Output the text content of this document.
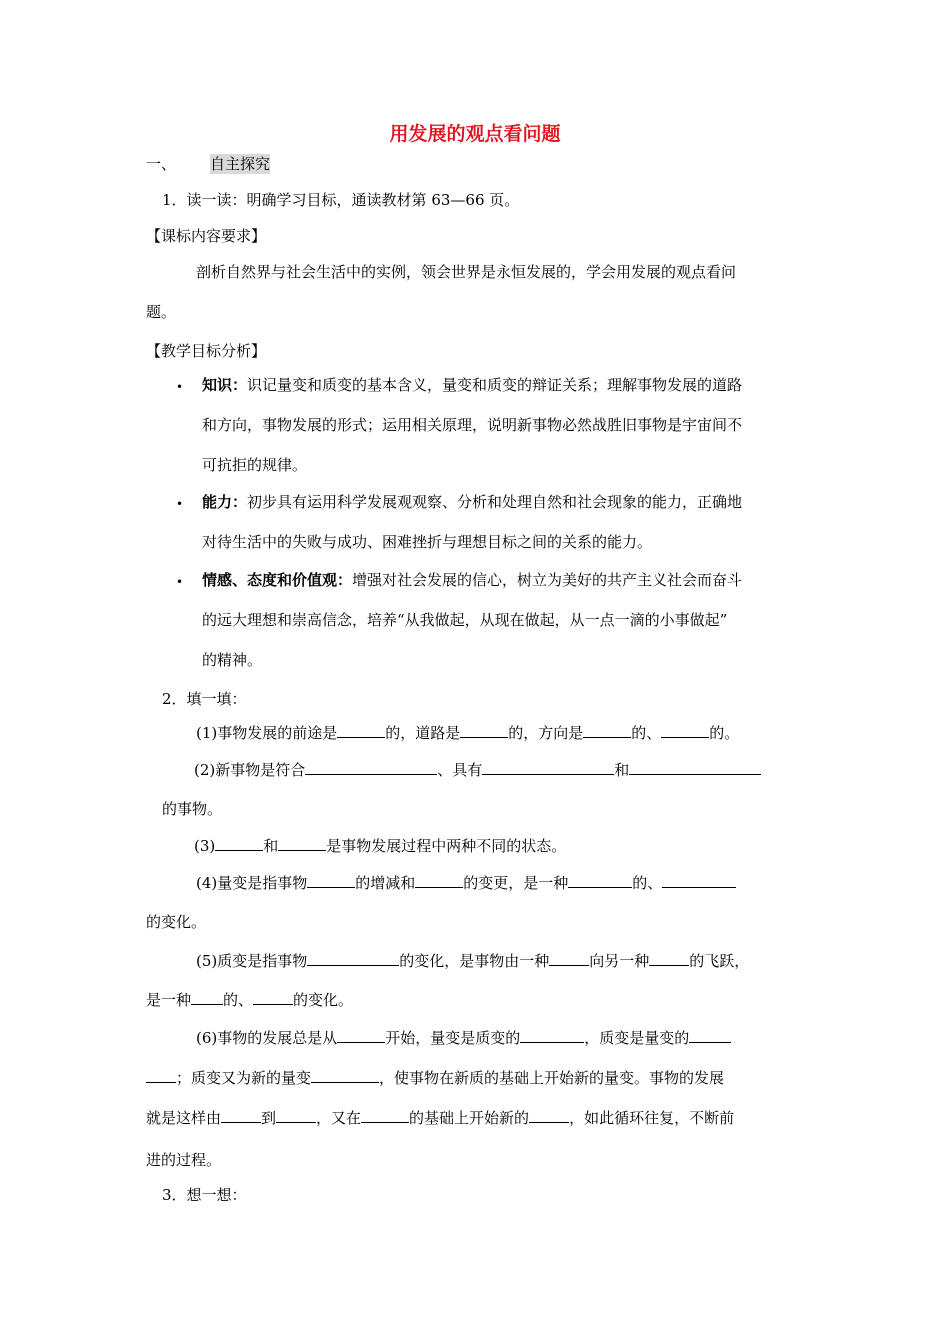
用发展的观点看问题
一、 自主探究
1．读一读：明确学习目标，通读教材第 63—66 页。
【课标内容要求】
剖析自然界与社会生活中的实例，领会世界是永恒发展的，学会用发展的观点看问
题。
【教学目标分析】
• 知识：识记量变和质变的基本含义，量变和质变的辩证关系；理解事物发展的道路
和方向，事物发展的形式；运用相关原理，说明新事物必然战胜旧事物是宇宙间不
可抗拒的规律。
• 能力：初步具有运用科学发展观观察、分析和处理自然和社会现象的能力，正确地
对待生活中的失败与成功、困难挫折与理想目标之间的关系的能力。
• 情感、态度和价值观：增强对社会发展的信心，树立为美好的共产主义社会而奋斗
的远大理想和崇高信念，培养“从我做起，从现在做起，从一点一滴的小事做起”
的精神。
2．填一填：
(1)事物发展的前途是	的，道路是	的，方向是	的、	的。
(2)新事物是符合	、具有	和
的事物。
(3)	和	是事物发展过程中两种不同的状态。
(4)量变是指事物	的增减和	的变更，是一种	的、
的变化。
(5)质变是指事物	的变化，是事物由一种	向另一种	的飞跃，
是一种 的、	的变化。
(6)事物的发展总是从	开始，量变是质变的	，质变是量变的
；质变又为新的量变	，使事物在新质的基础上开始新的量变。事物的发展
就是这样由	到	，又在	的基础上开始新的	，如此循环往复，不断前
进的过程。
3．想一想：
